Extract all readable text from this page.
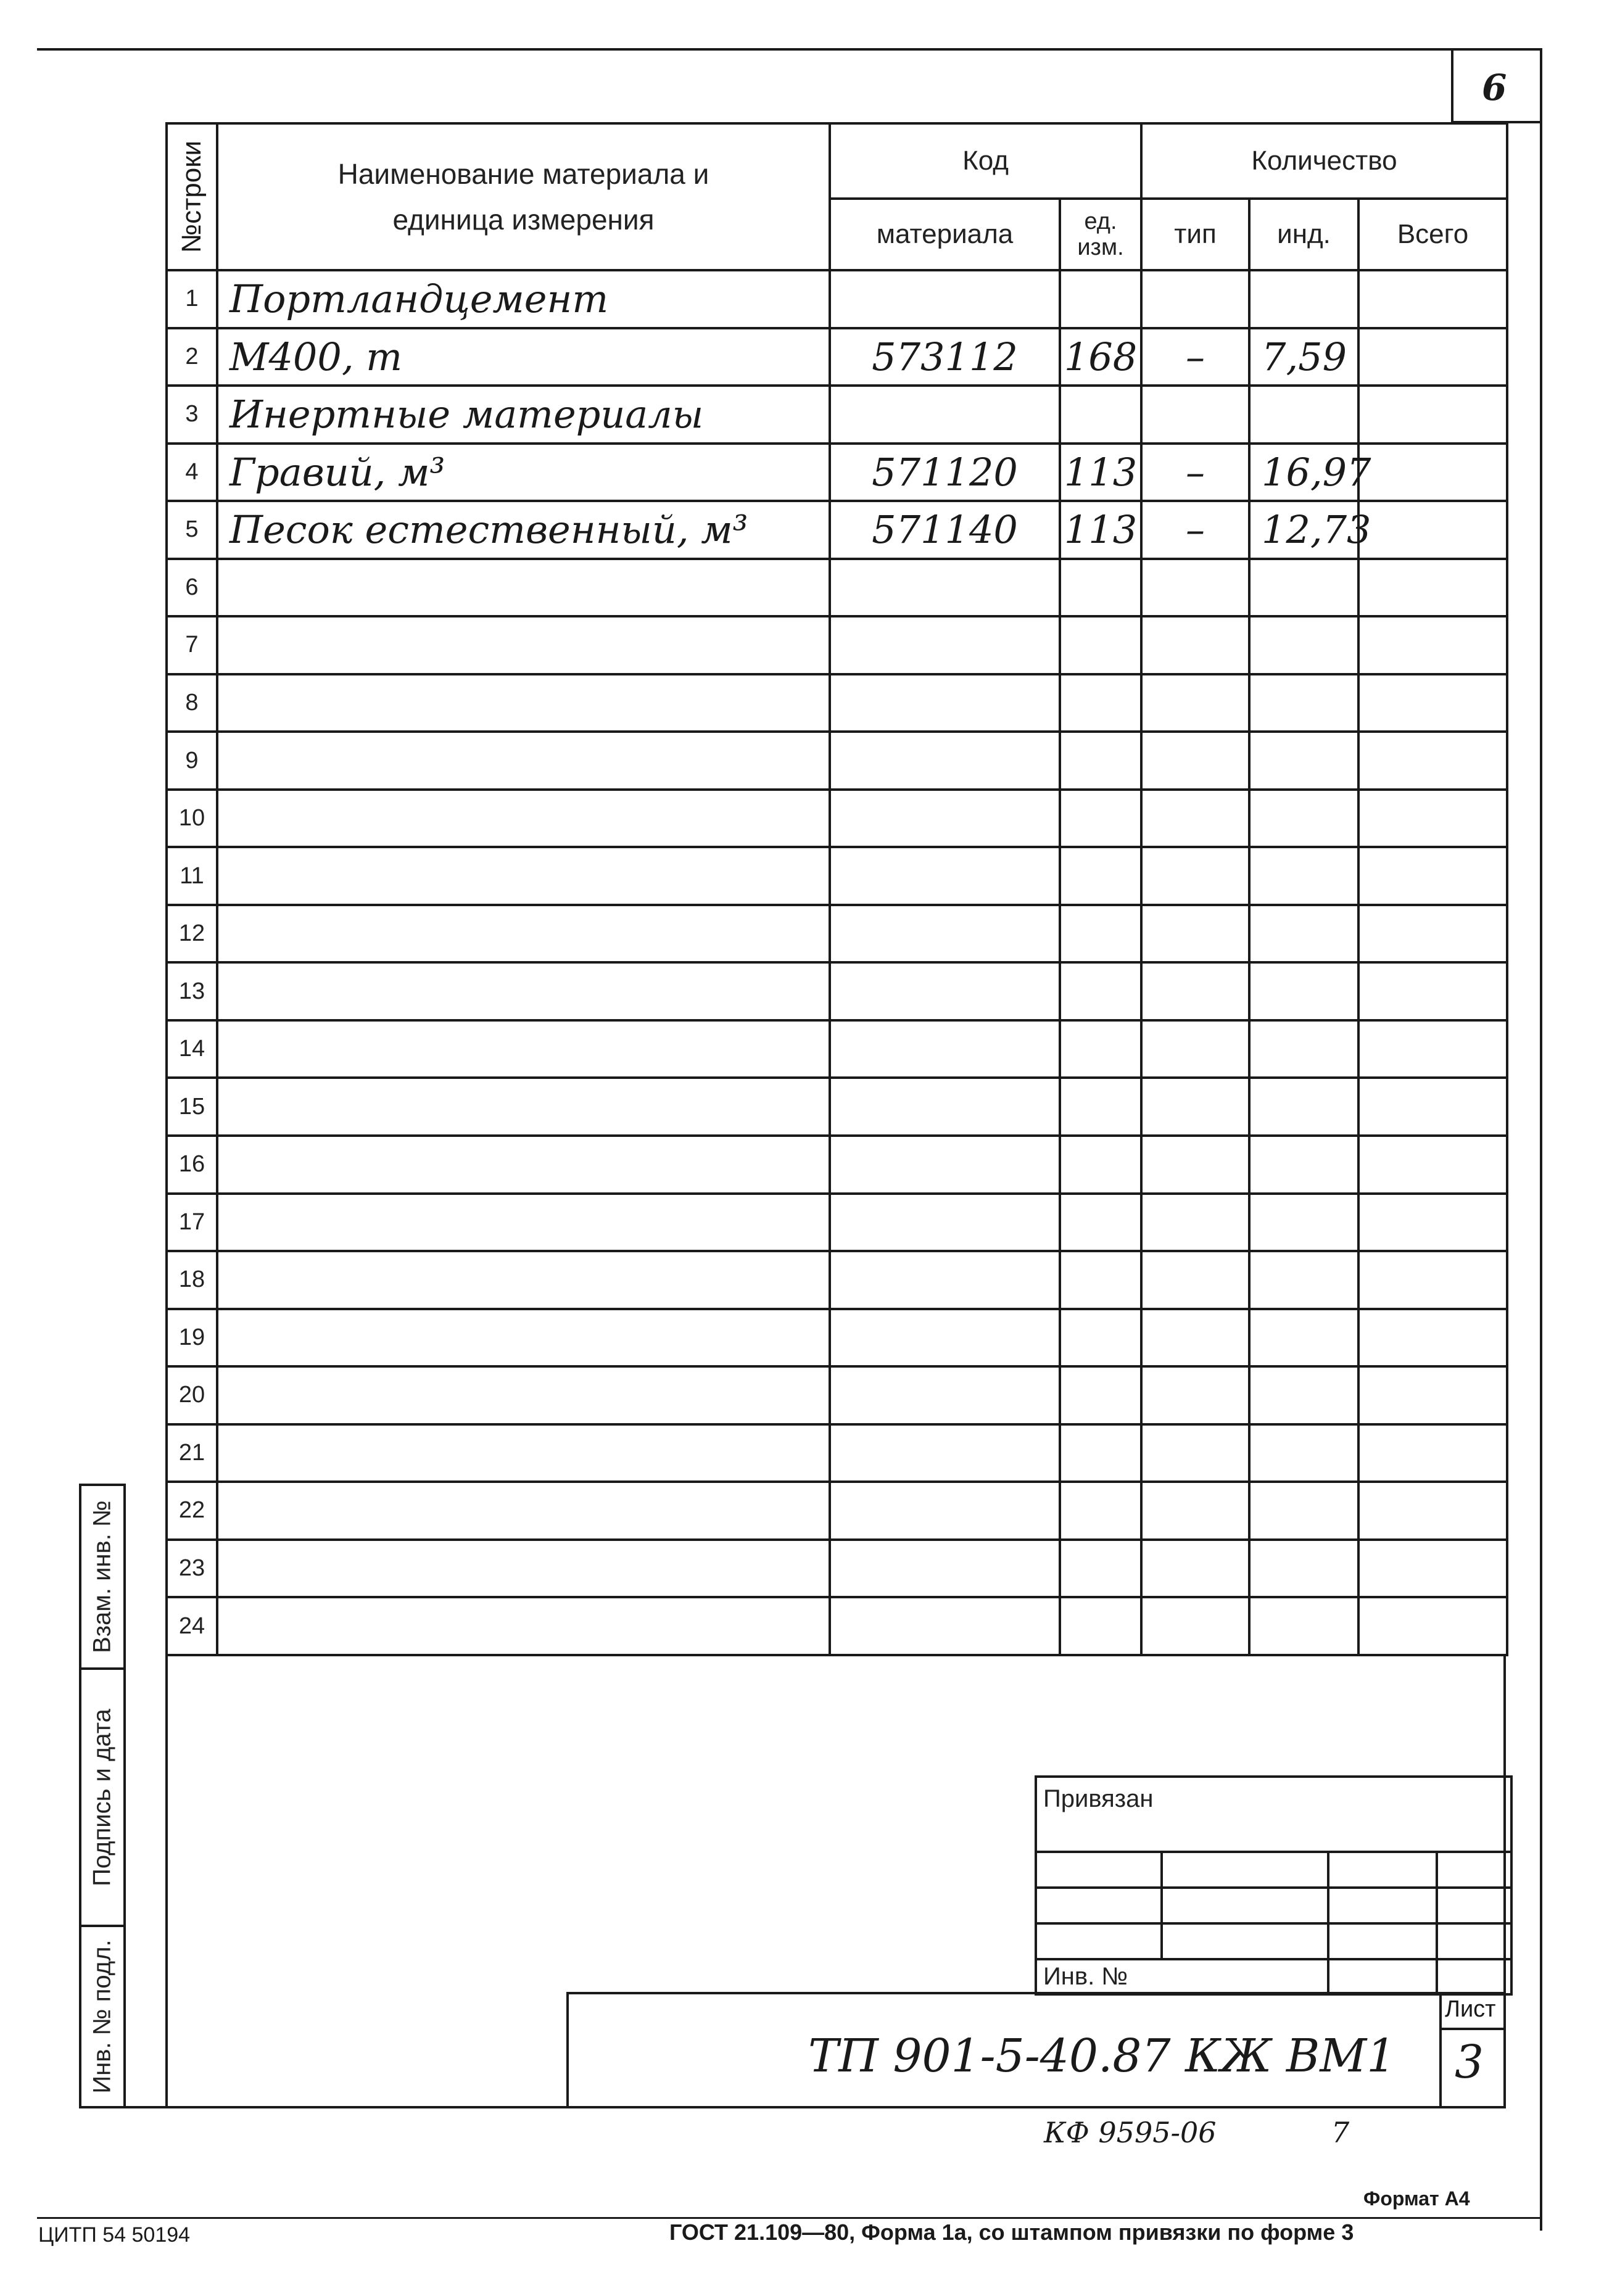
6
№строки	Наименование материала и единица измерения	Код		Количество		
		материала	ед. изм.	тип	инд.	Всего
1	Портландцемент					
2	М400, т	573112	168	–	7,59	
3	Инертные материалы					
4	Гравий, м³	571120	113	–	16,97	
5	Песок естественный, м³	571140	113	–	12,73	
6						
7						
8						
9						
10						
11						
12						
13						
14						
15						
16						
17						
18						
19						
20						
21						
22						
23						
24						
Взам. инв. №
Подпись и дата
Инв. № подл.
Привязан			

Инв. №			
ТП 901-5-40.87 КЖ ВМ1
Лист
3
КФ 9595-06	7
Формат А4
ЦИТП 54 50194	ГОСТ 21.109—80, Форма 1а, со штампом привязки по форме 3
